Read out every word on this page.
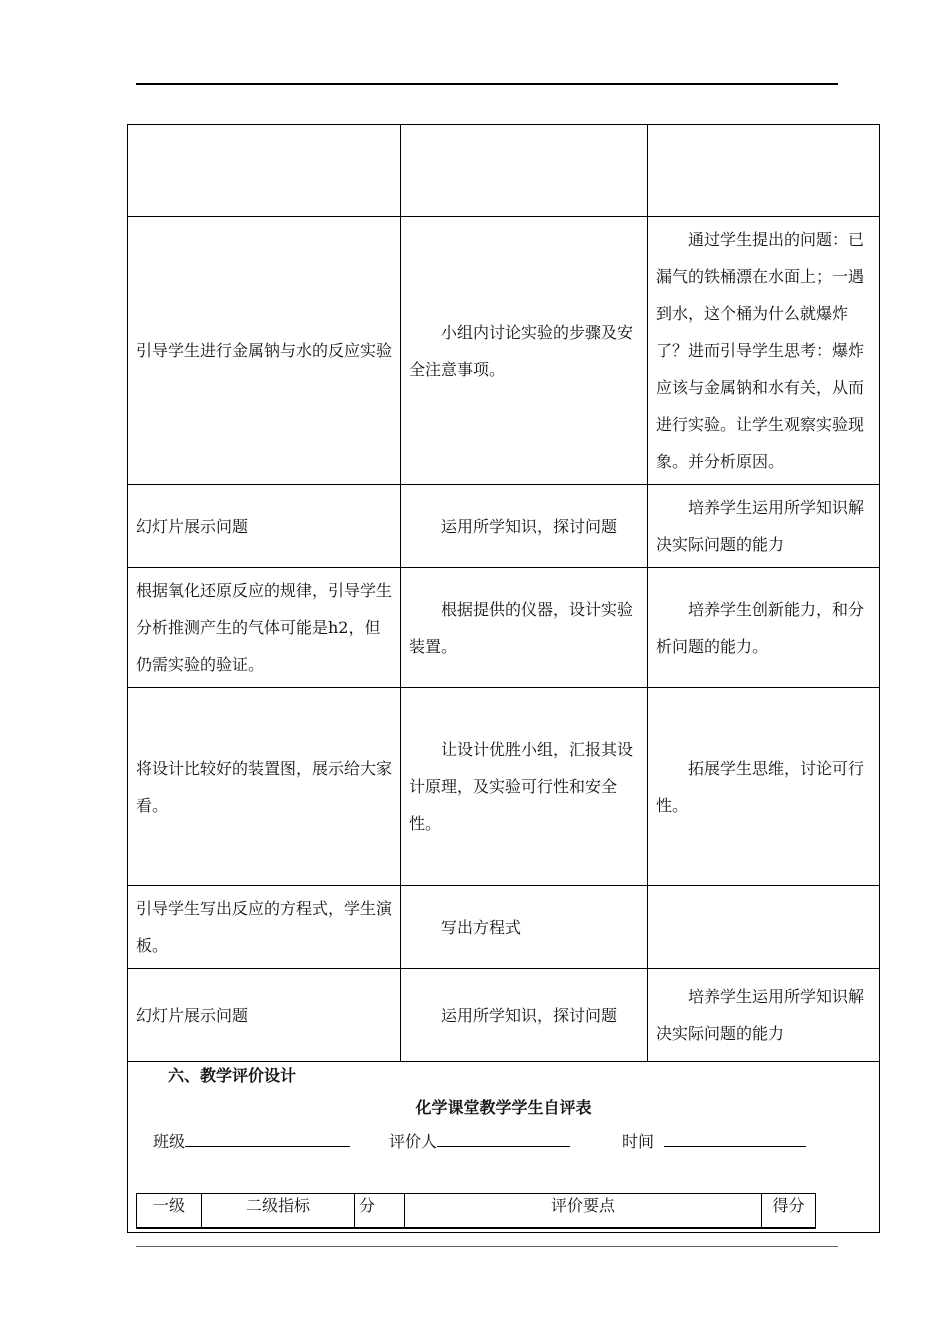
引导学生进行金属钠与水的反应实验	小组内讨论实验的步骤及安全注意事项。	通过学生提出的问题：已漏气的铁桶漂在水面上；一遇到水，这个桶为什么就爆炸了？进而引导学生思考：爆炸应该与金属钠和水有关，从而进行实验。让学生观察实验现象。并分析原因。
幻灯片展示问题	运用所学知识，探讨问题	培养学生运用所学知识解决实际问题的能力
根据氧化还原反应的规律，引导学生分析推测产生的气体可能是h2，但仍需实验的验证。	根据提供的仪器，设计实验装置。	培养学生创新能力，和分析问题的能力。
将设计比较好的装置图，展示给大家看。	让设计优胜小组，汇报其设计原理，及实验可行性和安全性。	拓展学生思维，讨论可行性。
引导学生写出反应的方程式，学生演板。	写出方程式	
幻灯片展示问题	运用所学知识，探讨问题	培养学生运用所学知识解决实际问题的能力

六、教学评价设计
化学课堂教学学生自评表
班级	评价人	时间
一级	二级指标	分	评价要点	得分
